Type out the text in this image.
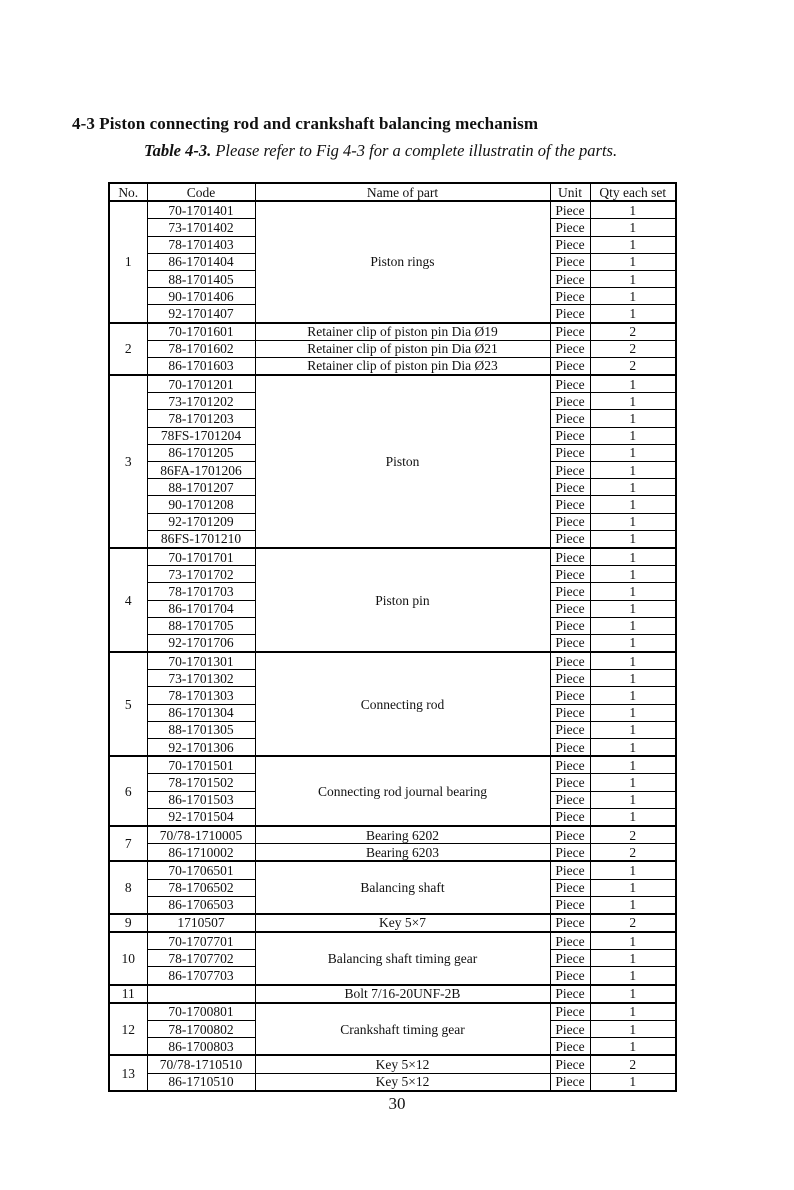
4-3 Piston connecting rod and crankshaft balancing mechanism

Table 4-3. Please refer to Fig 4-3 for a complete illustratin of the parts.

No.	Code	Name of part	Unit	Qty each set
1	70-1701401	Piston rings	Piece	1
	73-1701402		Piece	1
	78-1701403		Piece	1
	86-1701404		Piece	1
	88-1701405		Piece	1
	90-1701406		Piece	1
	92-1701407		Piece	1
2	70-1701601	Retainer clip of piston pin Dia Ø19	Piece	2
	78-1701602	Retainer clip of piston pin Dia Ø21	Piece	2
	86-1701603	Retainer clip of piston pin Dia Ø23	Piece	2
3	70-1701201	Piston	Piece	1
	73-1701202		Piece	1
	78-1701203		Piece	1
	78FS-1701204		Piece	1
	86-1701205		Piece	1
	86FA-1701206		Piece	1
	88-1701207		Piece	1
	90-1701208		Piece	1
	92-1701209		Piece	1
	86FS-1701210		Piece	1
4	70-1701701	Piston pin	Piece	1
	73-1701702		Piece	1
	78-1701703		Piece	1
	86-1701704		Piece	1
	88-1701705		Piece	1
	92-1701706		Piece	1
5	70-1701301	Connecting rod	Piece	1
	73-1701302		Piece	1
	78-1701303		Piece	1
	86-1701304		Piece	1
	88-1701305		Piece	1
	92-1701306		Piece	1
6	70-1701501	Connecting rod journal bearing	Piece	1
	78-1701502		Piece	1
	86-1701503		Piece	1
	92-1701504		Piece	1
7	70/78-1710005	Bearing 6202	Piece	2
	86-1710002	Bearing 6203	Piece	2
8	70-1706501	Balancing shaft	Piece	1
	78-1706502		Piece	1
	86-1706503		Piece	1
9	1710507	Key 5×7	Piece	2
10	70-1707701	Balancing shaft timing gear	Piece	1
	78-1707702		Piece	1
	86-1707703		Piece	1
11		Bolt 7/16-20UNF-2B	Piece	1
12	70-1700801	Crankshaft timing gear	Piece	1
	78-1700802		Piece	1
	86-1700803		Piece	1
13	70/78-1710510	Key 5×12	Piece	2
	86-1710510	Key 5×12	Piece	1
30
